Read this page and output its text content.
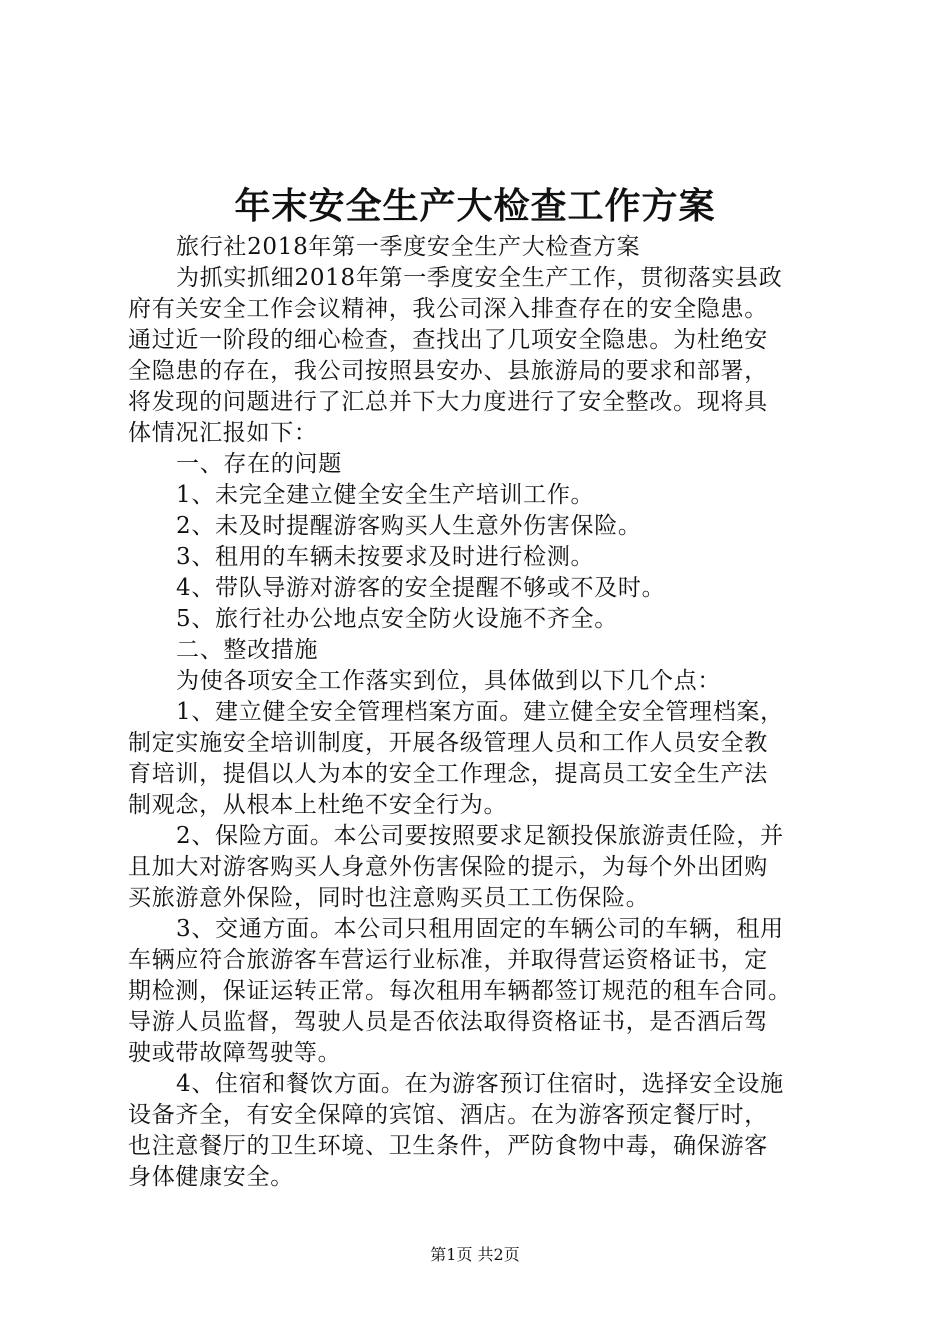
年末安全生产大检查工作方案
旅行社2018年第一季度安全生产大检查方案
为抓实抓细2018年第一季度安全生产工作，贯彻落实县政
府有关安全工作会议精神，我公司深入排查存在的安全隐患。
通过近一阶段的细心检查，查找出了几项安全隐患。为杜绝安
全隐患的存在，我公司按照县安办、县旅游局的要求和部署，
将发现的问题进行了汇总并下大力度进行了安全整改。现将具
体情况汇报如下：
一、存在的问题
1、未完全建立健全安全生产培训工作。
2、未及时提醒游客购买人生意外伤害保险。
3、租用的车辆未按要求及时进行检测。
4、带队导游对游客的安全提醒不够或不及时。
5、旅行社办公地点安全防火设施不齐全。
二、整改措施
为使各项安全工作落实到位，具体做到以下几个点：
1、建立健全安全管理档案方面。建立健全安全管理档案，
制定实施安全培训制度，开展各级管理人员和工作人员安全教
育培训，提倡以人为本的安全工作理念，提高员工安全生产法
制观念，从根本上杜绝不安全行为。
2、保险方面。本公司要按照要求足额投保旅游责任险，并
且加大对游客购买人身意外伤害保险的提示，为每个外出团购
买旅游意外保险，同时也注意购买员工工伤保险。
3、交通方面。本公司只租用固定的车辆公司的车辆，租用
车辆应符合旅游客车营运行业标准，并取得营运资格证书，定
期检测，保证运转正常。每次租用车辆都签订规范的租车合同。
导游人员监督，驾驶人员是否依法取得资格证书，是否酒后驾
驶或带故障驾驶等。
4、住宿和餐饮方面。在为游客预订住宿时，选择安全设施
设备齐全，有安全保障的宾馆、酒店。在为游客预定餐厅时，
也注意餐厅的卫生环境、卫生条件，严防食物中毒，确保游客
身体健康安全。
第1页 共2页
